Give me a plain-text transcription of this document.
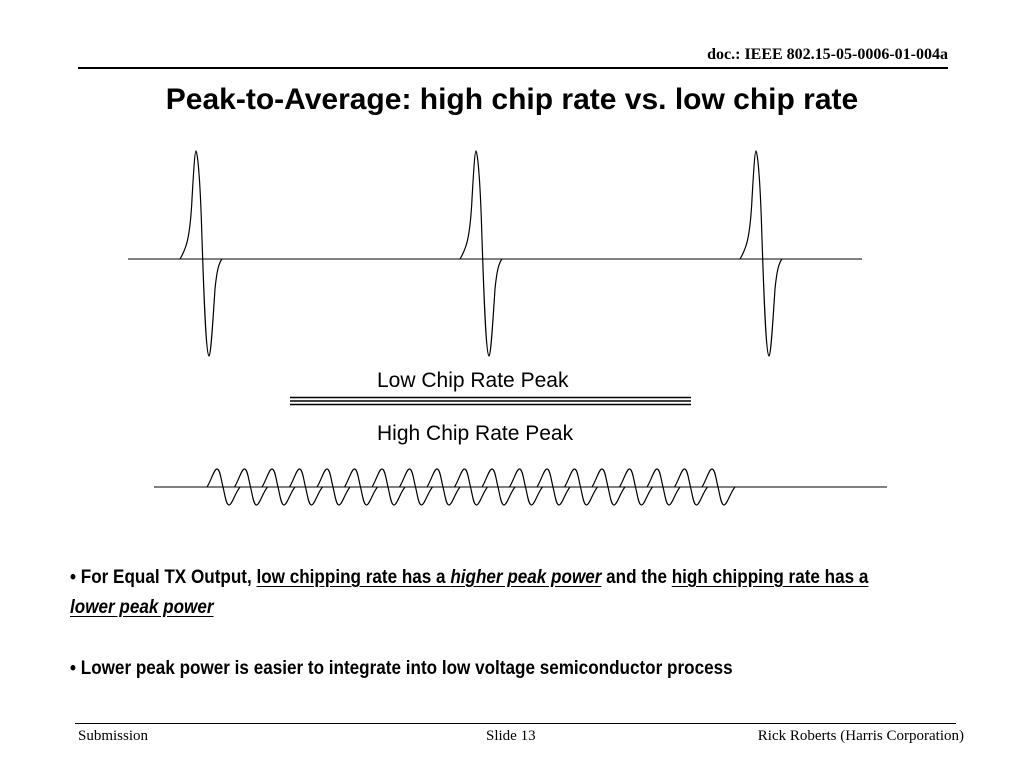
doc.: IEEE 802.15-05-0006-01-004a
Peak-to-Average: high chip rate vs. low chip rate
Low Chip Rate Peak
High Chip Rate Peak

• For Equal TX Output, low chipping rate has a higher peak power and the high chipping rate has a lower peak power

• Lower peak power is easier to integrate into low voltage semiconductor process

Submission	Slide 13	Rick Roberts (Harris Corporation)
